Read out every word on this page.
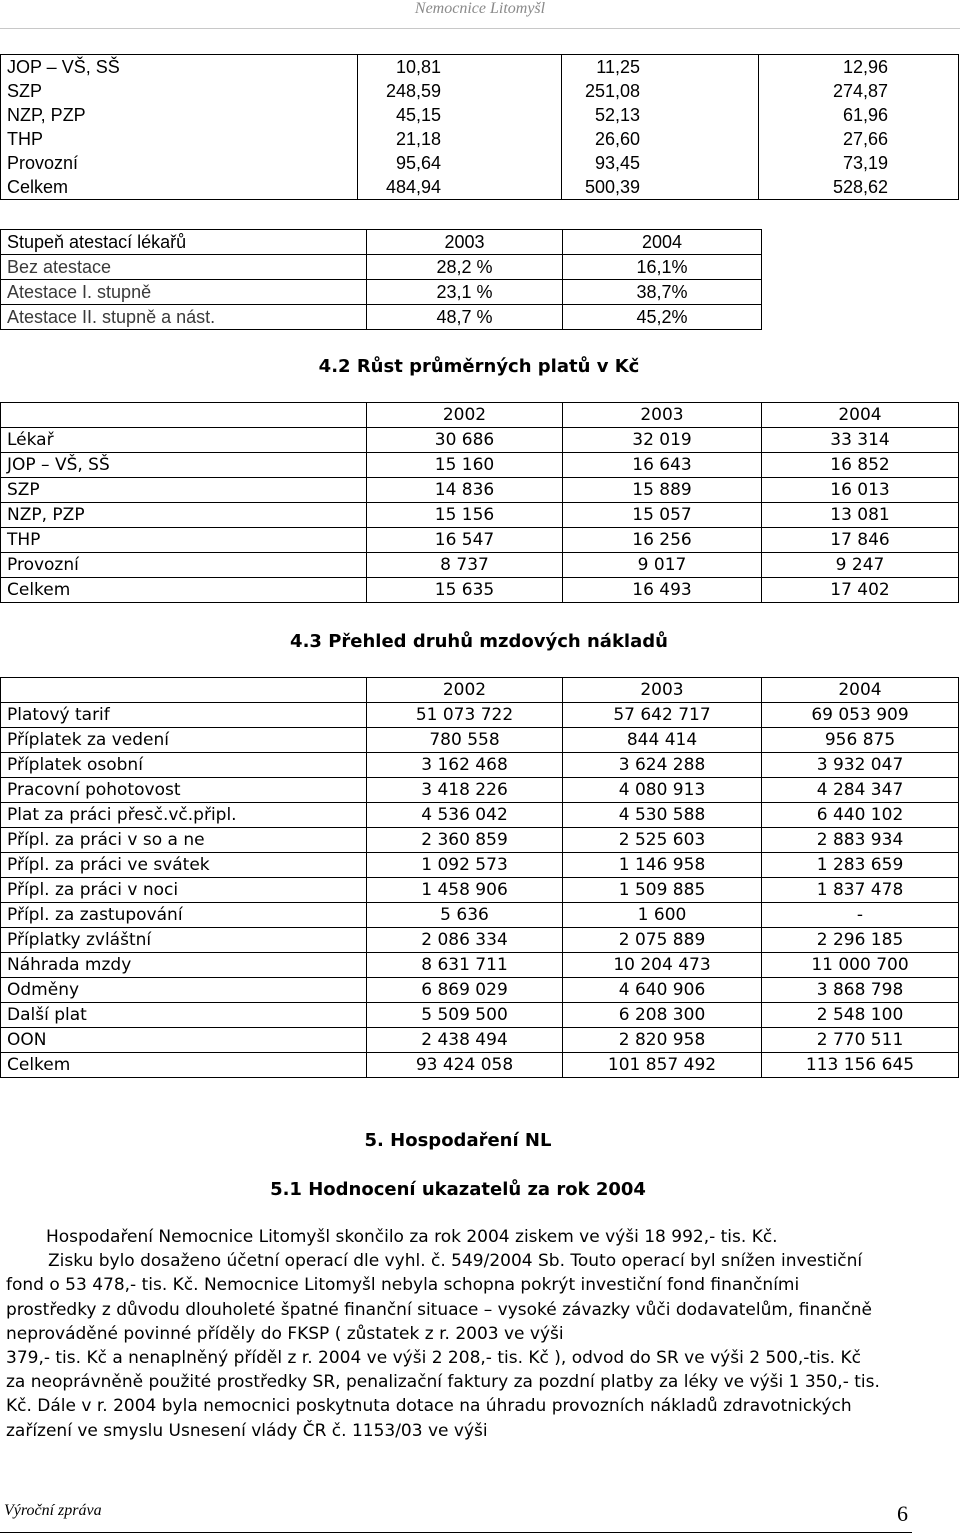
Nemocnice Litomyšl
JOP – VŠ, SŠ	10,81	11,25	12,96
SZP	248,59	251,08	274,87
NZP, PZP	45,15	52,13	61,96
THP	21,18	26,60	27,66
Provozní	95,64	93,45	73,19
Celkem	484,94	500,39	528,62
Stupeň atestací lékařů	2003	2004
Bez atestace	28,2 %	16,1%
Atestace I. stupně	23,1 %	38,7%
Atestace II. stupně a nást.	48,7 %	45,2%
4.2 Růst průměrných platů v Kč
	2002	2003	2004
Lékař	30 686	32 019	33 314
JOP – VŠ, SŠ	15 160	16 643	16 852
SZP	14 836	15 889	16 013
NZP, PZP	15 156	15 057	13 081
THP	16 547	16 256	17 846
Provozní	8 737	9 017	9 247
Celkem	15 635	16 493	17 402
4.3 Přehled druhů mzdových nákladů
	2002	2003	2004
Platový tarif	51 073 722	57 642 717	69 053 909
Příplatek za vedení	780 558	844 414	956 875
Příplatek osobní	3 162 468	3 624 288	3 932 047
Pracovní pohotovost	3 418 226	4 080 913	4 284 347
Plat za práci přesč.vč.připl.	4 536 042	4 530 588	6 440 102
Přípl. za práci v so a ne	2 360 859	2 525 603	2 883 934
Přípl. za práci ve svátek	1 092 573	1 146 958	1 283 659
Přípl. za práci v noci	1 458 906	1 509 885	1 837 478
Přípl. za zastupování	5 636	1 600	-
Příplatky zvláštní	2 086 334	2 075 889	2 296 185
Náhrada mzdy	8 631 711	10 204 473	11 000 700
Odměny	6 869 029	4 640 906	3 868 798
Další plat	5 509 500	6 208 300	2 548 100
OON	2 438 494	2 820 958	2 770 511
Celkem	93 424 058	101 857 492	113 156 645
5. Hospodaření NL
5.1 Hodnocení ukazatelů za rok 2004
Hospodaření Nemocnice Litomyšl skončilo za rok 2004 ziskem ve výši 18 992,- tis. Kč.
Zisku bylo dosaženo účetní operací dle vyhl. č. 549/2004 Sb. Touto operací byl snížen investiční
fond o 53 478,- tis. Kč. Nemocnice Litomyšl nebyla schopna pokrýt investiční fond finančními
prostředky z důvodu dlouholeté špatné finanční situace – vysoké závazky vůči dodavatelům, finančně
neprováděné povinné příděly do FKSP ( zůstatek z r. 2003 ve výši
379,- tis. Kč a nenaplněný příděl z r. 2004 ve výši 2 208,- tis. Kč ), odvod do SR ve výši 2 500,-tis. Kč
za neoprávněně použité prostředky SR, penalizační faktury za pozdní platby za léky ve výši 1 350,- tis.
Kč. Dále v r. 2004 byla nemocnici poskytnuta dotace na úhradu provozních nákladů zdravotnických
zařízení ve smyslu Usnesení vlády ČR č. 1153/03 ve výši
Výroční zpráva	6
